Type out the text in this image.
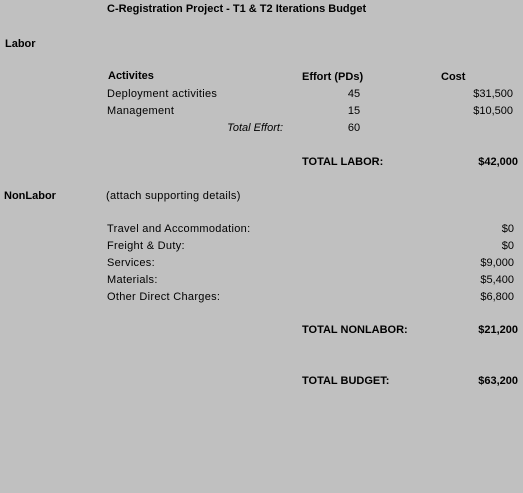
C-Registration Project - T1 & T2 Iterations Budget
Labor
Activites	Effort (PDs)	Cost
Deployment activities	45	$31,500
Management	15	$10,500
Total Effort:	60
TOTAL LABOR:	$42,000
NonLabor	(attach supporting details)
Travel and Accommodation:	$0
Freight & Duty:	$0
Services:	$9,000
Materials:	$5,400
Other Direct Charges:	$6,800
TOTAL NONLABOR:	$21,200
TOTAL BUDGET:	$63,200
